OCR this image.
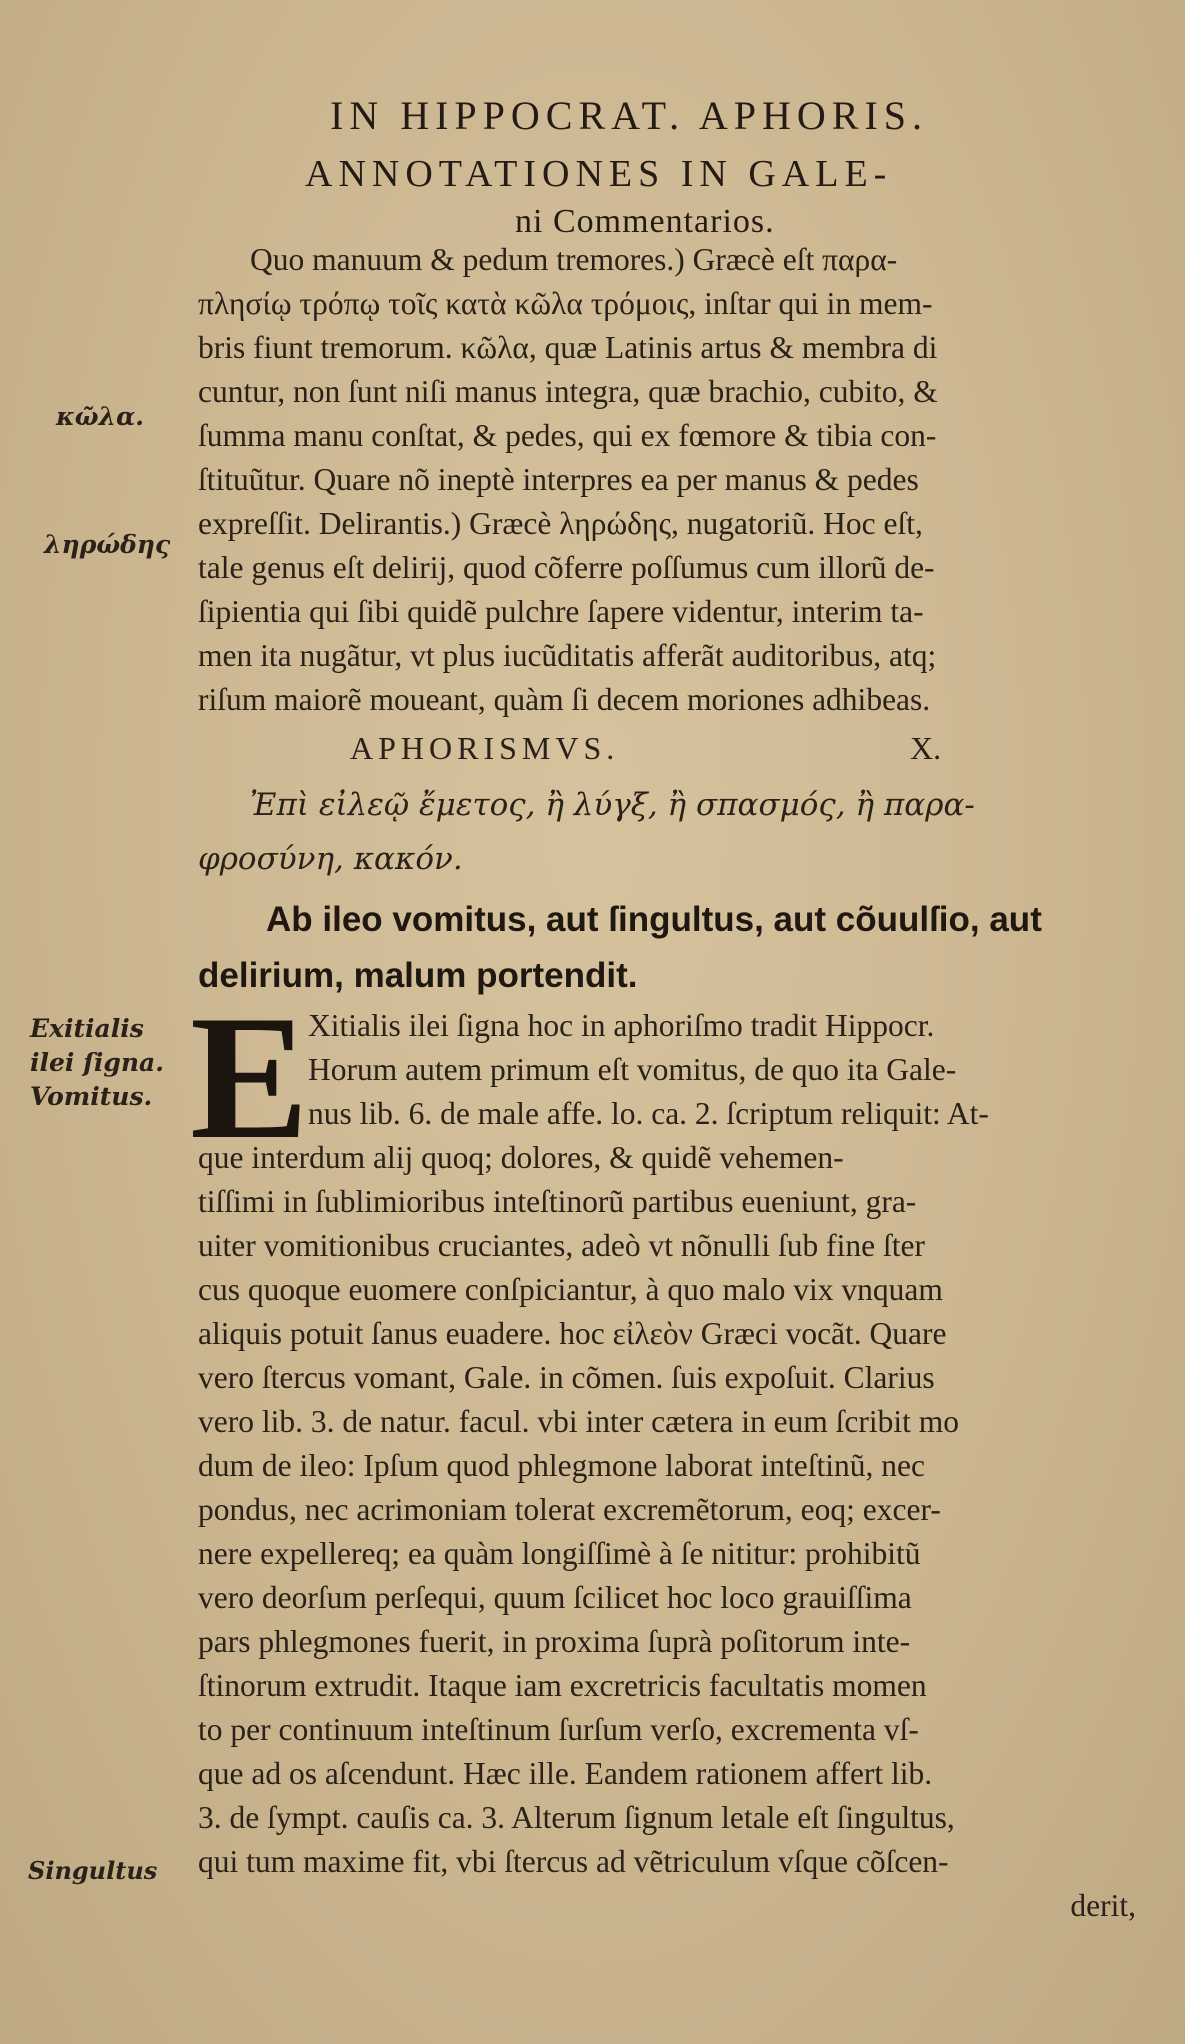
IN HIPPOCRAT. APHORIS.
ANNOTATIONES IN GALE-
ni Commentarios.
Quo manuum & pedum tremores.) Græcè eſt παρα-
πλησίῳ τρόπῳ τοῖς κατὰ κῶλα τρόμοις, inſtar qui in mem-
bris fiunt tremorum. κῶλα, quæ Latinis artus & membra di
cuntur, non ſunt niſi manus integra, quæ brachio, cubito, &
ſumma manu conſtat, & pedes, qui ex fœmore & tibia con-
ſtituũtur. Quare nõ ineptè interpres ea per manus & pedes
expreſſit. Delirantis.) Græcè ληρώδης, nugatoriũ. Hoc eſt,
tale genus eſt delirij, quod cõferre poſſumus cum illorũ de-
ſipientia qui ſibi quidẽ pulchre ſapere videntur, interim ta-
men ita nugãtur, vt plus iucũditatis afferãt auditoribus, atq;
riſum maiorẽ moueant, quàm ſi decem moriones adhibeas.
APHORISMVS.	X.
Ἐπὶ εἰλεῷ ἔμετος, ἢ λύγξ, ἢ σπασμός, ἢ παρα-
φροσύνη, κακόν.
Ab ileo vomitus, aut ſingultus, aut cõuulſio, aut
delirium, malum portendit.
E Xitialis ilei ſigna hoc in aphoriſmo tradit Hippocr.
Horum autem primum eſt vomitus, de quo ita Gale-
nus lib. 6. de male affe. lo. ca. 2. ſcriptum reliquit: At-
que interdum alij quoq; dolores, & quidẽ vehemen-
tiſſimi in ſublimioribus inteſtinorũ partibus eueniunt, gra-
uiter vomitionibus cruciantes, adeò vt nõnulli ſub fine ſter
cus quoque euomere conſpiciantur, à quo malo vix vnquam
aliquis potuit ſanus euadere. hoc εἰλεὸν Græci vocãt. Quare
vero ſtercus vomant, Gale. in cõmen. ſuis expoſuit. Clarius
vero lib. 3. de natur. facul. vbi inter cætera in eum ſcribit mo
dum de ileo: Ipſum quod phlegmone laborat inteſtinũ, nec
pondus, nec acrimoniam tolerat excremẽtorum, eoq; excer-
nere expellereq; ea quàm longiſſimè à ſe nititur: prohibitũ
vero deorſum perſequi, quum ſcilicet hoc loco grauiſſima
pars phlegmones fuerit, in proxima ſuprà poſitorum inte-
ſtinorum extrudit. Itaque iam excretricis facultatis momen
to per continuum inteſtinum ſurſum verſo, excrementa vſ-
que ad os aſcendunt. Hæc ille. Eandem rationem affert lib.
3. de ſympt. cauſis ca. 3. Alterum ſignum letale eſt ſingultus,
qui tum maxime fit, vbi ſtercus ad vẽtriculum vſque cõſcen-
derit,
κῶλα.
ληρώδης
Exitialis
ilei ſigna.
Vomitus.
Singultus
